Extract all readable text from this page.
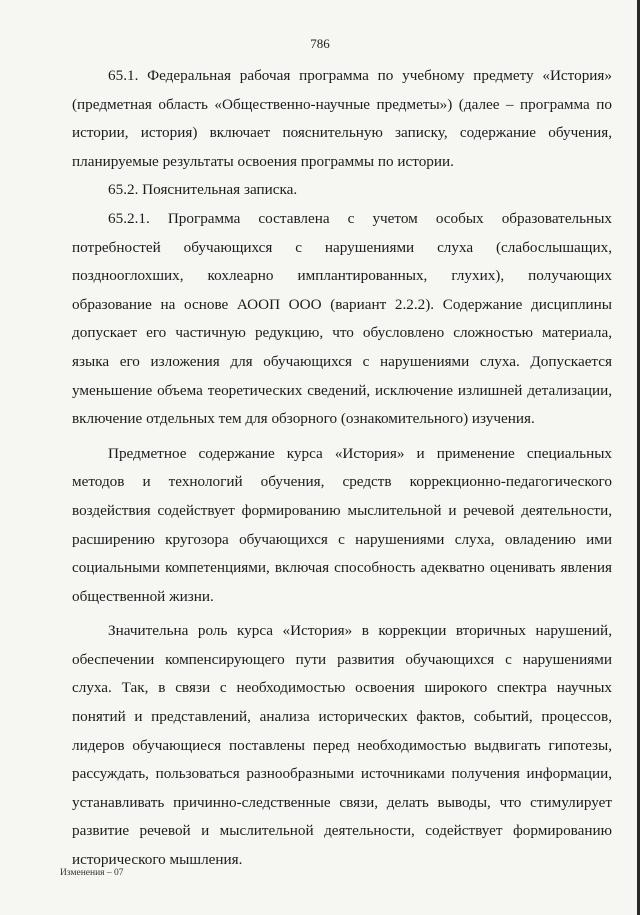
786

65.1. Федеральная рабочая программа по учебному предмету «История» (предметная область «Общественно-научные предметы») (далее – программа по истории, история) включает пояснительную записку, содержание обучения, планируемые результаты освоения программы по истории.

65.2. Пояснительная записка.

65.2.1. Программа составлена с учетом особых образовательных потребностей обучающихся с нарушениями слуха (слабослышащих, позднооглохших, кохлеарно имплантированных, глухих), получающих образование на основе АООП ООО (вариант 2.2.2). Содержание дисциплины допускает его частичную редукцию, что обусловлено сложностью материала, языка его изложения для обучающихся с нарушениями слуха. Допускается уменьшение объема теоретических сведений, исключение излишней детализации, включение отдельных тем для обзорного (ознакомительного) изучения.

Предметное содержание курса «История» и применение специальных методов и технологий обучения, средств коррекционно-педагогического воздействия содействует формированию мыслительной и речевой деятельности, расширению кругозора обучающихся с нарушениями слуха, овладению ими социальными компетенциями, включая способность адекватно оценивать явления общественной жизни.

Значительна роль курса «История» в коррекции вторичных нарушений, обеспечении компенсирующего пути развития обучающихся с нарушениями слуха. Так, в связи с необходимостью освоения широкого спектра научных понятий и представлений, анализа исторических фактов, событий, процессов, лидеров обучающиеся поставлены перед необходимостью выдвигать гипотезы, рассуждать, пользоваться разнообразными источниками получения информации, устанавливать причинно-следственные связи, делать выводы, что стимулирует развитие речевой и мыслительной деятельности, содействует формированию исторического мышления.

Изменения – 07
